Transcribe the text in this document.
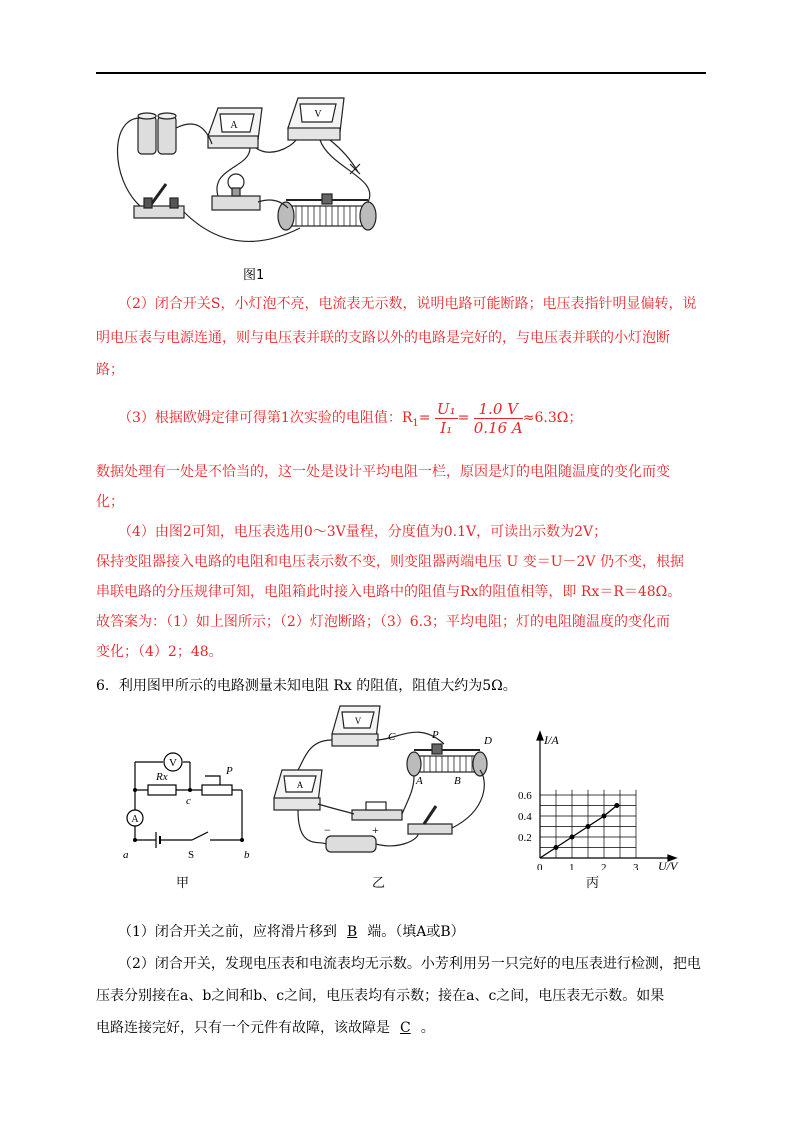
A
V
图1
（2）闭合开关S，小灯泡不亮，电流表无示数，说明电路可能断路；电压表指针明显偏转，说
明电压表与电源连通，则与电压表并联的支路以外的电路是完好的，与电压表并联的小灯泡断
路；
（3）根据欧姆定律可得第1次实验的电阻值：$R_1= \frac{\text{U₁}}{\text{I₁}} = \frac{1.0 V}{0.16 A} \approx 6.3\Omega$；
数据处理有一处是不恰当的，这一处是设计平均电阻一栏，原因是灯的电阻随温度的变化而变
化；
（4）由图2可知，电压表选用0～3V量程，分度值为0.1V，可读出示数为2V；
保持变阻器接入电路的电阻和电压表示数不变，则变阻器两端电压 U 变＝U－2V 仍不变，根据
串联电路的分压规律可知，电阻箱此时接入电路中的阻值与Rx的阻值相等，即 Rx＝R＝48Ω。
故答案为：（1）如上图所示；（2）灯泡断路；（3）6.3；平均电阻；灯的电阻随温度的变化而
变化；（4）2；48。
6．利用图甲所示的电路测量未知电阻 Rx 的阻值，阻值大约为5Ω。
V
Rx	P
A
c
a	S	b
甲
V
A
C	P	D
A	B
−	+
乙
0 1 2 3
0.2
0.4
0.6
I/A
U/V
丙
（1）闭合开关之前，应将滑片移到 B 端。（填A或B）
（2）闭合开关，发现电压表和电流表均无示数。小芳利用另一只完好的电压表进行检测，把电
压表分别接在a、b之间和b、c之间，电压表均有示数；接在a、c之间，电压表无示数。如果
电路连接完好，只有一个元件有故障，该故障是 C 。
